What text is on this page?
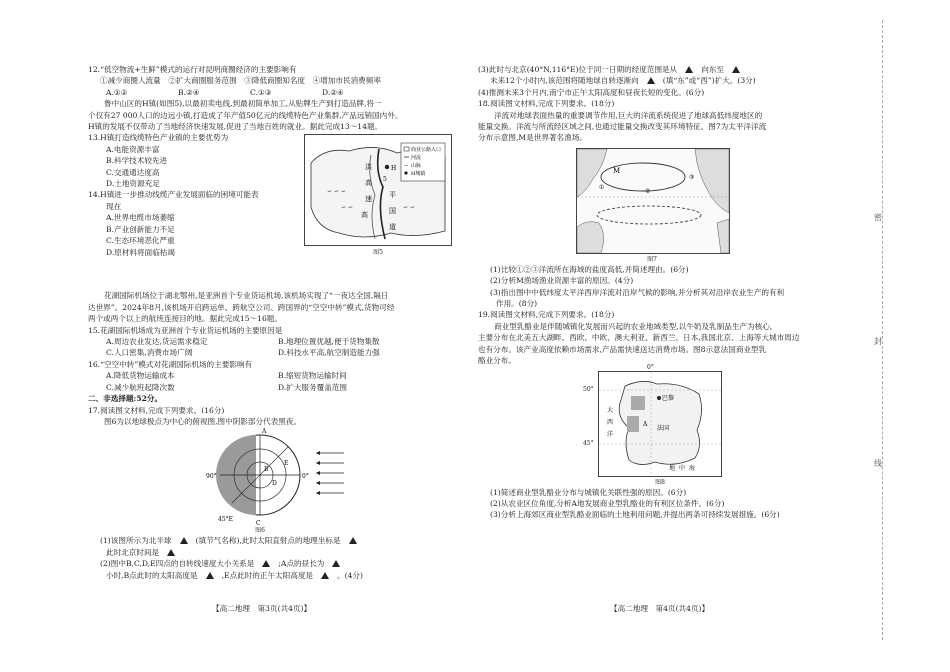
12.“低空物流+生鲜”模式的运行对昆明商圈经济的主要影响有
①减少商圈人流量　②扩大商圈服务范围　③降低商圈知名度　④增加市民消费频率
A.①②	B.②④	C.①③	D.②④
鲁中山区的H镇(如图5),以最初卖电线,到最初简单加工,从贴牌生产到打造品牌,将一
个仅有27 000人口的边远小镇,打造成了年产值50亿元的线缆特色产业集群,产品远销国内外。
H镇的发展不仅带动了当地经济快速发展,促进了当地百姓的就业。据此完成13～14题。
13.H镇打造线缆特色产业镇的主要优势为
A.电能资源丰富
B.科学技术较先进
C.交通通达度高
D.土地资源充足
14.H镇进一步推动线缆产业发展面临的困境可能表
现在
A.世界电缆市场萎缩
B.产业创新能力不足
C.生态环境恶化严重
D.原材料将面临枯竭
∽ ∽ ∽
∽ ∽	∽ ∽
洪
高
速 平
国
道
高
5
H
商业公路入口
河流
∽ 山脉
H城镇
图5
花湖国际机场位于湖北鄂州,是亚洲首个专业货运机场,该机场实现了“一夜达全国,隔日
达世界”。2024年8月,该机场开启跨运单、跨航空公司、跨国界的“空空中转”模式,货物可经
两个或两个以上的航班连接目的地。据此完成15～16题。
15.花湖国际机场成为亚洲首个专业货运机场的主要原因是
A.周边农业发达,货运需求稳定	B.地理位置优越,便于货物集散
C.人口密集,消费市场广阔	D.科技水平高,航空制造能力强
16.“空空中转”模式对花湖国际机场的主要影响有
A.降低货物运输成本	B.缩短货物运输时间
C.减少航班起降次数	D.扩大服务覆盖范围
二、非选择题:52分。
17.阅读图文材料,完成下列要求。(16分)
图6为以地球极点为中心的俯视图,图中阴影部分代表黑夜。
A
B
C
D
E
0°
90°
45°E
图6
(1)该图所示为北半球	(填节气名称),此时太阳直射点的地理坐标是
此时北京时间是
(2)图中B,C,D,E四点的自转线速度大小关系是	;A点的昼长为
小时,B点此时的太阳高度是	,E点此时的正午太阳高度是	。(4分)
(3)此时与北京(40°N,116°E)位于同一日期的经度范围是从	向东至
未来12个小时内,该范围将随地球自转逐渐向	(填“东”或“西”)扩大。(3分)
(4)推测未来3个月内,南宁市正午太阳高度和昼夜长短的变化。(6分)
18.阅读图文材料,完成下列要求。(18分)
洋流对地球表面热量的重要调节作用,巨大的洋流系统促进了地球高低纬度地区的
能量交换。洋流与所流经区域之间,也通过能量交换改变其环境特征。图7为太平洋洋流
分布示意图,M是世界著名渔场。
M
①
②
③
图7
(1)比较①②③洋流所在海域的盐度高低,并简述理由。(6分)
(2)分析M渔场渔业资源丰富的原因。(4分)
(3)指出图中中低纬度太平洋西岸洋流对沿岸气候的影响,并分析其对沿岸农业生产的有利
作用。(8分)
19.阅读图文材料,完成下列要求。(18分)
商业型乳酪业是伴随城镇化发展而兴起的农业地域类型,以牛奶及乳制品生产为核心,
主要分布在北美五大湖畔、西欧、中欧、澳大利亚、新西兰、日本,我国北京、上海等大城市周边
也有分布。该产业高度依赖市场需求,产品需快速送达消费市场。图8示意法国商业型乳
酪业分布。
巴黎
A
法国
大
西
洋
地 中 海
50°
45°
0°
图8
(1)简述商业型乳酪业分布与城镇化关联性强的原因。(6分)
(2)从农业区位角度,分析A地发展商业型乳酪业的有利区位条件。(6分)
(3)分析上海郊区商业型乳酪业面临的土地利用问题,并提出两条可持续发展措施。(6分)
【高二地理　第3页(共4页)】	【高二地理　第4页(共4页)】
密
封
线
